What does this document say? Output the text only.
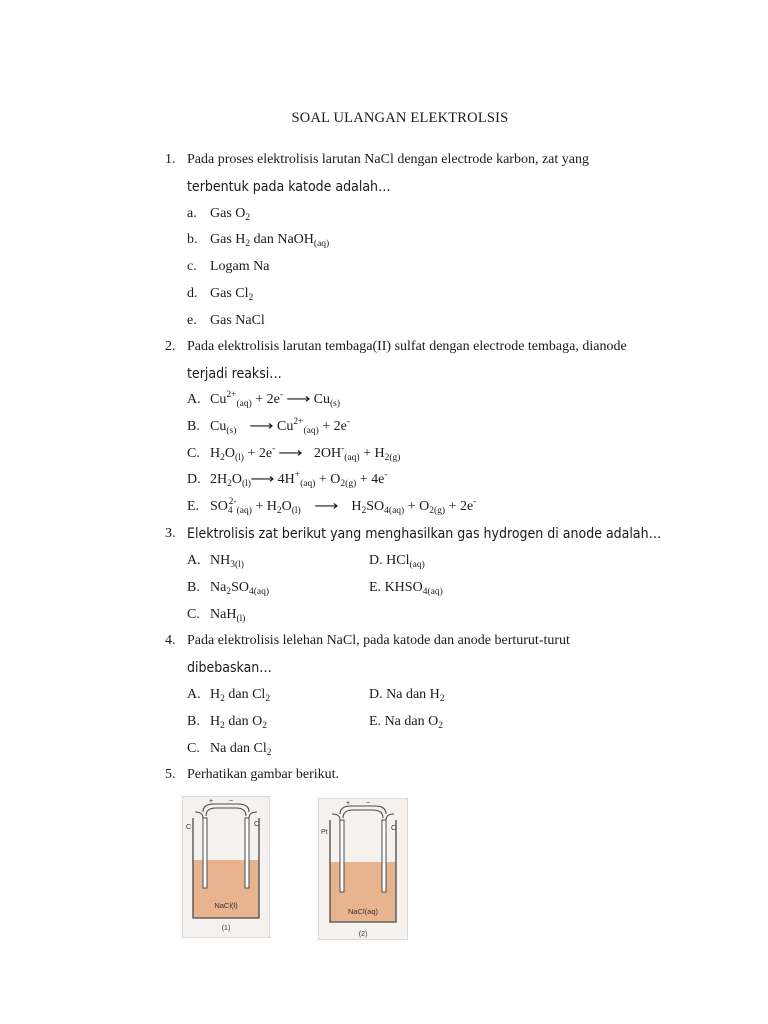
SOAL ULANGAN ELEKTROLSIS
1. Pada proses elektrolisis larutan NaCl dengan electrode karbon, zat yang
terbentuk pada katode adalah…
a. Gas $O_2$
b. Gas $H_2$ dan NaOH$_{(aq)}$
c. Logam Na
d. Gas $Cl_2$
e. Gas NaCl
2. Pada elektrolisis larutan tembaga(II) sulfat dengan electrode tembaga, dianode
terjadi reaksi…
A. $Cu^{2+}_{(aq)} + 2e^-$ ⟶ $Cu_{(s)}$
B. $Cu_{(s)}$ ⟶ $Cu^{2+}_{(aq)} + 2e^-$
C. $H_2O_{(l)} + 2e^-$ ⟶ $2OH^-_{(aq)} + H_{2(g)}$
D. $2H_2O_{(l)}⟶$ $4H^+_{(aq)} + O_{2(g)} + 4e^-$
E. $SO_4^{2-}_{(aq)} + H_2O_{(l)}$ ⟶ $H_2SO_{4(aq)} + O_{2(g)} + 2e^-$
3. Elektrolisis zat berikut yang menghasilkan gas hydrogen di anode adalah…
A. $NH_{3(l)}$	D. HCl$_{(aq)}$
B. $Na_2SO_{4(aq)}$	E. $KHSO_{4(aq)}$
C. NaH$_{(l)}$
4. Pada elektrolisis lelehan NaCl, pada katode dan anode berturut-turut
dibebaskan…
A. $H_2$ dan $Cl_2$	D. Na dan $H_2$
B. $H_2$ dan $O_2$	E. Na dan $O_2$
C. Na dan $Cl_2$
5. Perhatikan gambar berikut.
+ −
C	C
NaCl(l)
(1)
+ −
Pt
C
NaCl(aq)
(2)
